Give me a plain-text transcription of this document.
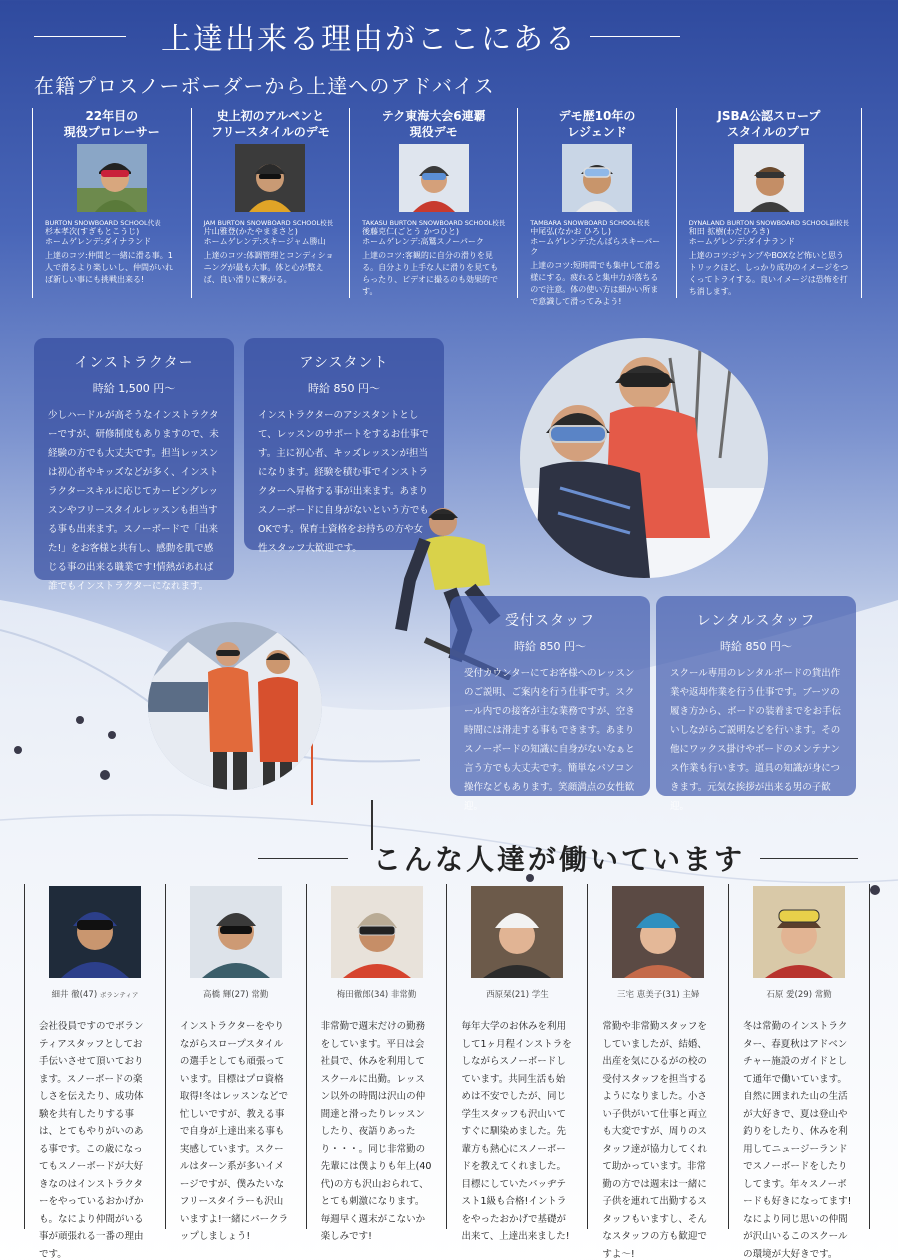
上達出来る理由がここにある
在籍プロスノーボーダーから上達へのアドバイス
22年目の
現役プロレーサー
BURTON SNOWBOARD SCHOOL代表
杉本孝次(すぎもとこうじ)
ホームゲレンデ:ダイナランド
上達のコツ:仲間と一緒に滑る事。1人で滑るより楽しいし、仲間がいれば新しい事にも挑戦出来る!
史上初のアルペンと
フリースタイルのデモ
JAM BURTON SNOWBOARD SCHOOL校長
片山雅登(かたやままさと)
ホームゲレンデ:スキージャム勝山
上達のコツ:体調管理とコンディショニングが最も大事。体と心が整えば、良い滑りに繋がる。
テク東海大会6連覇
現役デモ
TAKASU BURTON SNOWBOARD SCHOOL校長
後藤克仁(ごとう かつひと)
ホームゲレンデ:高鷲スノーパーク
上達のコツ:客観的に自分の滑りを見る。自分より上手な人に滑りを見てもらったり、ビデオに撮るのも効果的です。
デモ歴10年の
レジェンド
TAMBARA SNOWBOARD SCHOOL校長
中尾弘(なかお ひろし)
ホームゲレンデ:たんばらスキーパーク
上達のコツ:短時間でも集中して滑る様にする。疲れると集中力が落ちるので注意。体の使い方は細かい所まで意識して滑ってみよう!
JSBA公認スロープ
スタイルのプロ
DYNALAND BURTON SNOWBOARD SCHOOL副校長
和田 拡樹(わだひろき)
ホームゲレンデ:ダイナランド
上達のコツ:ジャンプやBOXなど怖いと思うトリックほど、しっかり成功のイメージをつくってトライする。良いイメージは恐怖を打ち消します。
インストラクター
時給 1,500 円〜
少しハードルが高そうなインストラクターですが、研修制度もありますので、未経験の方でも大丈夫です。担当レッスンは初心者やキッズなどが多く、インストラクタースキルに応じてカービングレッスンやフリースタイルレッスンも担当する事も出来ます。スノーボードで「出来た!」をお客様と共有し、感動を肌で感じる事の出来る職業です!情熱があれば誰でもインストラクターになれます。
アシスタント
時給 850 円〜
インストラクターのアシスタントとして、レッスンのサポートをするお仕事です。主に初心者、キッズレッスンが担当になります。経験を積む事でインストラクターへ昇格する事が出来ます。あまりスノーボードに自身がないという方でもOKです。保育士資格をお持ちの方や女性スタッフ大歓迎です。
受付スタッフ
時給 850 円〜
受付カウンターにてお客様へのレッスンのご説明、ご案内を行う仕事です。スクール内での接客が主な業務ですが、空き時間には滑走する事もできます。あまりスノーボードの知識に自身がないなぁと言う方でも大丈夫です。簡単なパソコン操作などもあります。笑顔満点の女性歓迎。
レンタルスタッフ
時給 850 円〜
スクール専用のレンタルボードの貸出作業や返却作業を行う仕事です。ブーツの履き方から、ボードの装着までをお手伝いしながらご説明などを行います。その他にワックス掛けやボードのメンテナンス作業も行います。道具の知識が身につきます。元気な挨拶が出来る男の子歓迎。
こんな人達が働いています
細井 徹(47) ボランティア
会社役員ですのでボランティアスタッフとしてお手伝いさせて頂いております。スノーボードの楽しさを伝えたり、成功体験を共有したりする事は、とてもやりがいのある事です。この歳になってもスノーボードが大好きなのはインストラクターをやっているおかげかも。なにより仲間がいる事が頑張れる一番の理由です。
高橋 輝(27) 常勤
インストラクターをやりながらスロープスタイルの選手としても頑張っています。目標はプロ資格取得!冬はレッスンなどで忙しいですが、教える事で自身が上達出来る事も実感しています。スクールはターン系が多いイメージですが、僕みたいなフリースタイラーも沢山いますよ!一緒にパークラップしましょう!
梅田徹郎(34) 非常勤
非常勤で週末だけの勤務をしています。平日は会社員で、休みを利用してスクールに出勤。レッスン以外の時間は沢山の仲間達と滑ったりレッスンしたり、夜語りあったり・・・。同じ非常勤の先輩には僕よりも年上(40代)の方も沢山おられて、とても刺激になります。毎週早く週末がこないか楽しみです!
西原栞(21) 学生
毎年大学のお休みを利用して1ヶ月程インストラをしながらスノーボードしています。共同生活も始めは不安でしたが、同じ学生スタッフも沢山いてすぐに馴染めました。先輩方も熱心にスノーボードを教えてくれました。目標にしていたバッヂテスト1級も合格!イントラをやったおかげで基礎が出来て、上達出来ました!
三宅 恵美子(31) 主婦
常勤や非常勤スタッフをしていましたが、結婚、出産を気にひるがの校の受付スタッフを担当するようになりました。小さい子供がいて仕事と両立も大変ですが、周りのスタッフ達が協力してくれて助かっています。非常勤の方では週末は一緒に子供を連れて出勤するスタッフもいますし、そんなスタッフの方も歓迎ですよ〜!
石原 愛(29) 常勤
冬は常勤のインストラクター、春夏秋はアドベンチャー施設のガイドとして通年で働いています。自然に囲まれた山の生活が大好きで、夏は登山や釣りをしたり、休みを利用してニュージーランドでスノーボードをしたりしてます。年々スノーボードも好きになってます!なにより同じ思いの仲間が沢山いるこのスクールの環境が大好きです。
